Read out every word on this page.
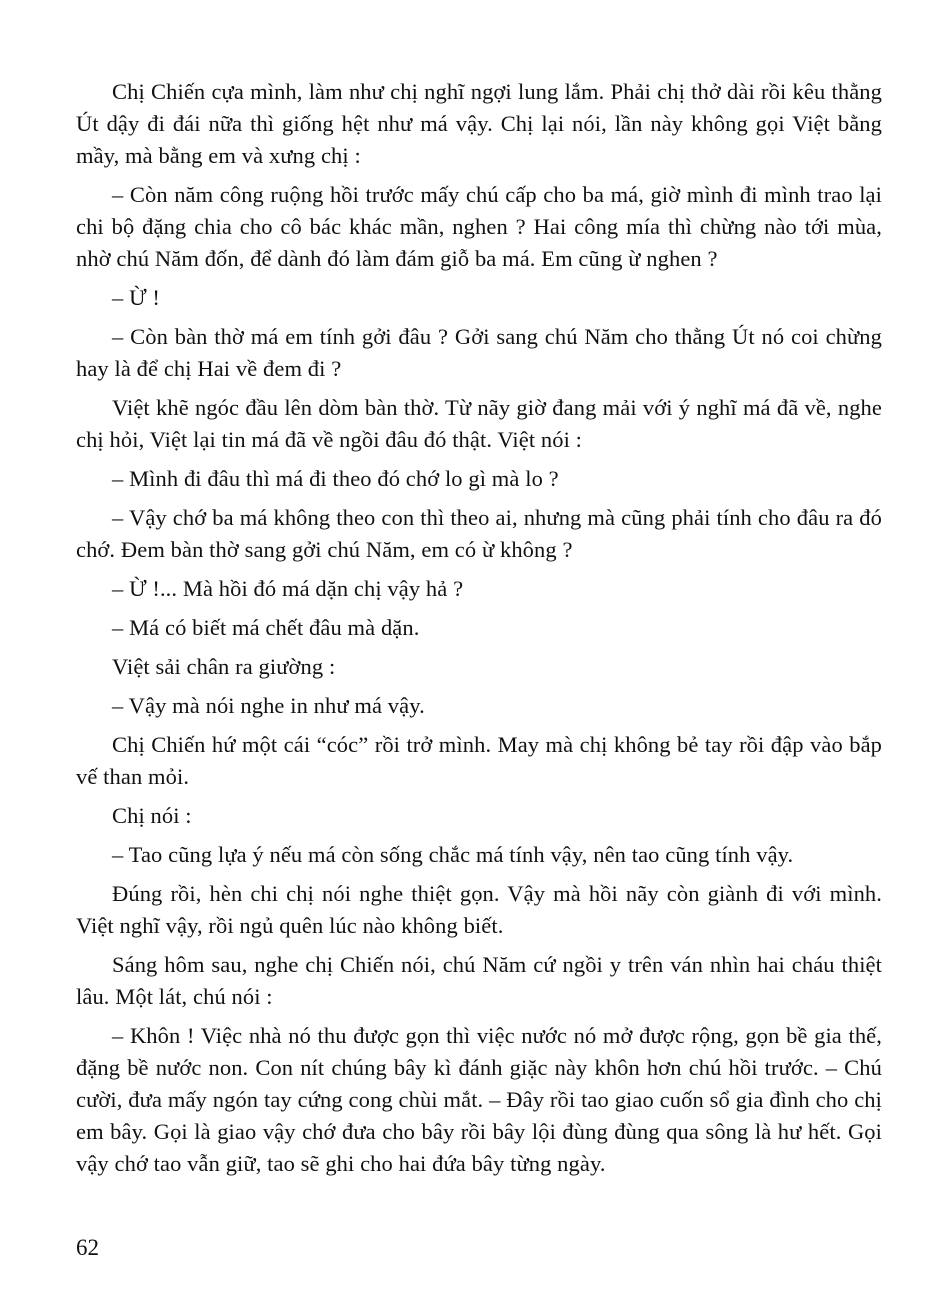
Chị Chiến cựa mình, làm như chị nghĩ ngợi lung lắm. Phải chị thở dài rồi kêu thằng Út dậy đi đái nữa thì giống hệt như má vậy. Chị lại nói, lần này không gọi Việt bằng mầy, mà bằng em và xưng chị :

– Còn năm công ruộng hồi trước mấy chú cấp cho ba má, giờ mình đi mình trao lại chi bộ đặng chia cho cô bác khác mần, nghen ? Hai công mía thì chừng nào tới mùa, nhờ chú Năm đốn, để dành đó làm đám giỗ ba má. Em cũng ừ nghen ?

– Ừ !

– Còn bàn thờ má em tính gởi đâu ? Gởi sang chú Năm cho thằng Út nó coi chừng hay là để chị Hai về đem đi ?

Việt khẽ ngóc đầu lên dòm bàn thờ. Từ nãy giờ đang mải với ý nghĩ má đã về, nghe chị hỏi, Việt lại tin má đã về ngồi đâu đó thật. Việt nói :

– Mình đi đâu thì má đi theo đó chớ lo gì mà lo ?

– Vậy chớ ba má không theo con thì theo ai, nhưng mà cũng phải tính cho đâu ra đó chớ. Đem bàn thờ sang gởi chú Năm, em có ừ không ?

– Ừ !... Mà hồi đó má dặn chị vậy hả ?

– Má có biết má chết đâu mà dặn.

Việt sải chân ra giường :

– Vậy mà nói nghe in như má vậy.

Chị Chiến hứ một cái “cóc” rồi trở mình. May mà chị không bẻ tay rồi đập vào bắp vế than mỏi.

Chị nói :

– Tao cũng lựa ý nếu má còn sống chắc má tính vậy, nên tao cũng tính vậy.

Đúng rồi, hèn chi chị nói nghe thiệt gọn. Vậy mà hồi nãy còn giành đi với mình. Việt nghĩ vậy, rồi ngủ quên lúc nào không biết.

Sáng hôm sau, nghe chị Chiến nói, chú Năm cứ ngồi y trên ván nhìn hai cháu thiệt lâu. Một lát, chú nói :

– Khôn ! Việc nhà nó thu được gọn thì việc nước nó mở được rộng, gọn bề gia thế, đặng bề nước non. Con nít chúng bây kì đánh giặc này khôn hơn chú hồi trước. – Chú cười, đưa mấy ngón tay cứng cong chùi mắt. – Đây rồi tao giao cuốn sổ gia đình cho chị em bây. Gọi là giao vậy chớ đưa cho bây rồi bây lội đùng đùng qua sông là hư hết. Gọi vậy chớ tao vẫn giữ, tao sẽ ghi cho hai đứa bây từng ngày.

62
